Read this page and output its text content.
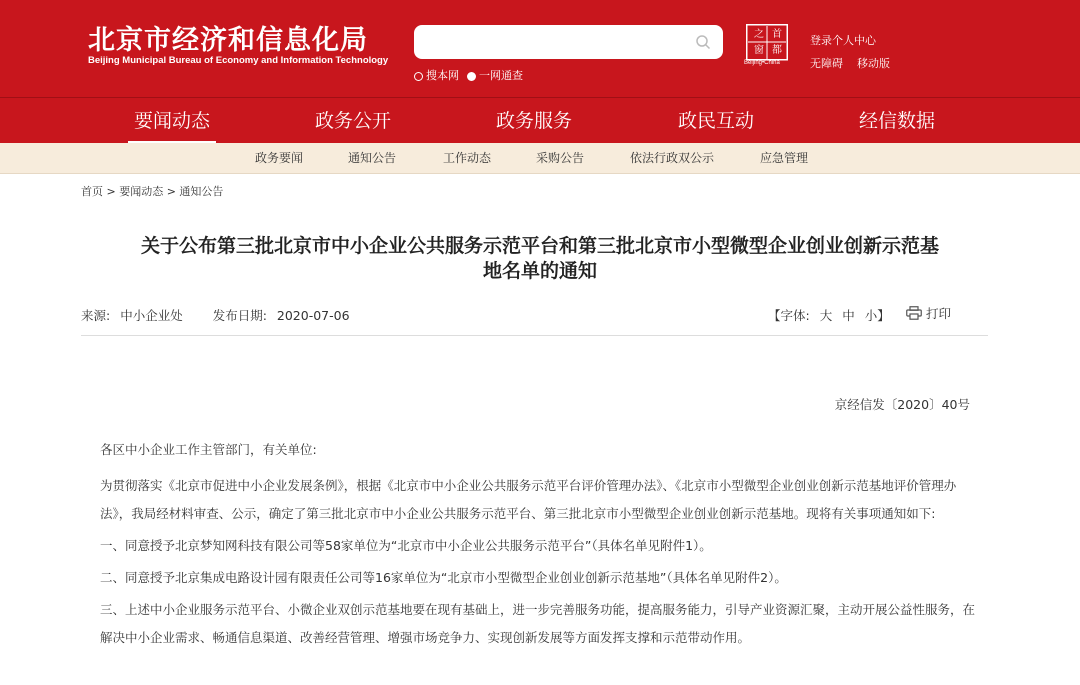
北京市经济和信息化局
Beijing Municipal Bureau of Economy and Information Technology
搜本网	一网通查
之 首
窗 都
Beijing•China
登录个人中心
无障碍 移动版
要闻动态	政务公开	政务服务	政民互动	经信数据
政务要闻	通知公告	工作动态	采购公告	依法行政双公示	应急管理
首页 > 要闻动态 > 通知公告
关于公布第三批北京市中小企业公共服务示范平台和第三批北京市小型微型企业创业创新示范基
地名单的通知
来源: 中小企业处 发布日期: 2020-07-06	【字体: 大 中 小】	打印
京经信发〔2020〕40号

各区中小企业工作主管部门，有关单位:

为贯彻落实《北京市促进中小企业发展条例》，根据《北京市中小企业公共服务示范平台评价管理办法》、《北京市小型微型企业创业创新示范基地评价管理办法》，我局经材料审查、公示，确定了第三批北京市中小企业公共服务示范平台、第三批北京市小型微型企业创业创新示范基地。现将有关事项通知如下:

一、同意授予北京梦知网科技有限公司等58家单位为“北京市中小企业公共服务示范平台”（具体名单见附件1）。

二、同意授予北京集成电路设计园有限责任公司等16家单位为“北京市小型微型企业创业创新示范基地”（具体名单见附件2）。

三、上述中小企业服务示范平台、小微企业双创示范基地要在现有基础上，进一步完善服务功能，提高服务能力，引导产业资源汇聚，主动开展公益性服务，在解决中小企业需求、畅通信息渠道、改善经营管理、增强市场竞争力、实现创新发展等方面发挥支撑和示范带动作用。
